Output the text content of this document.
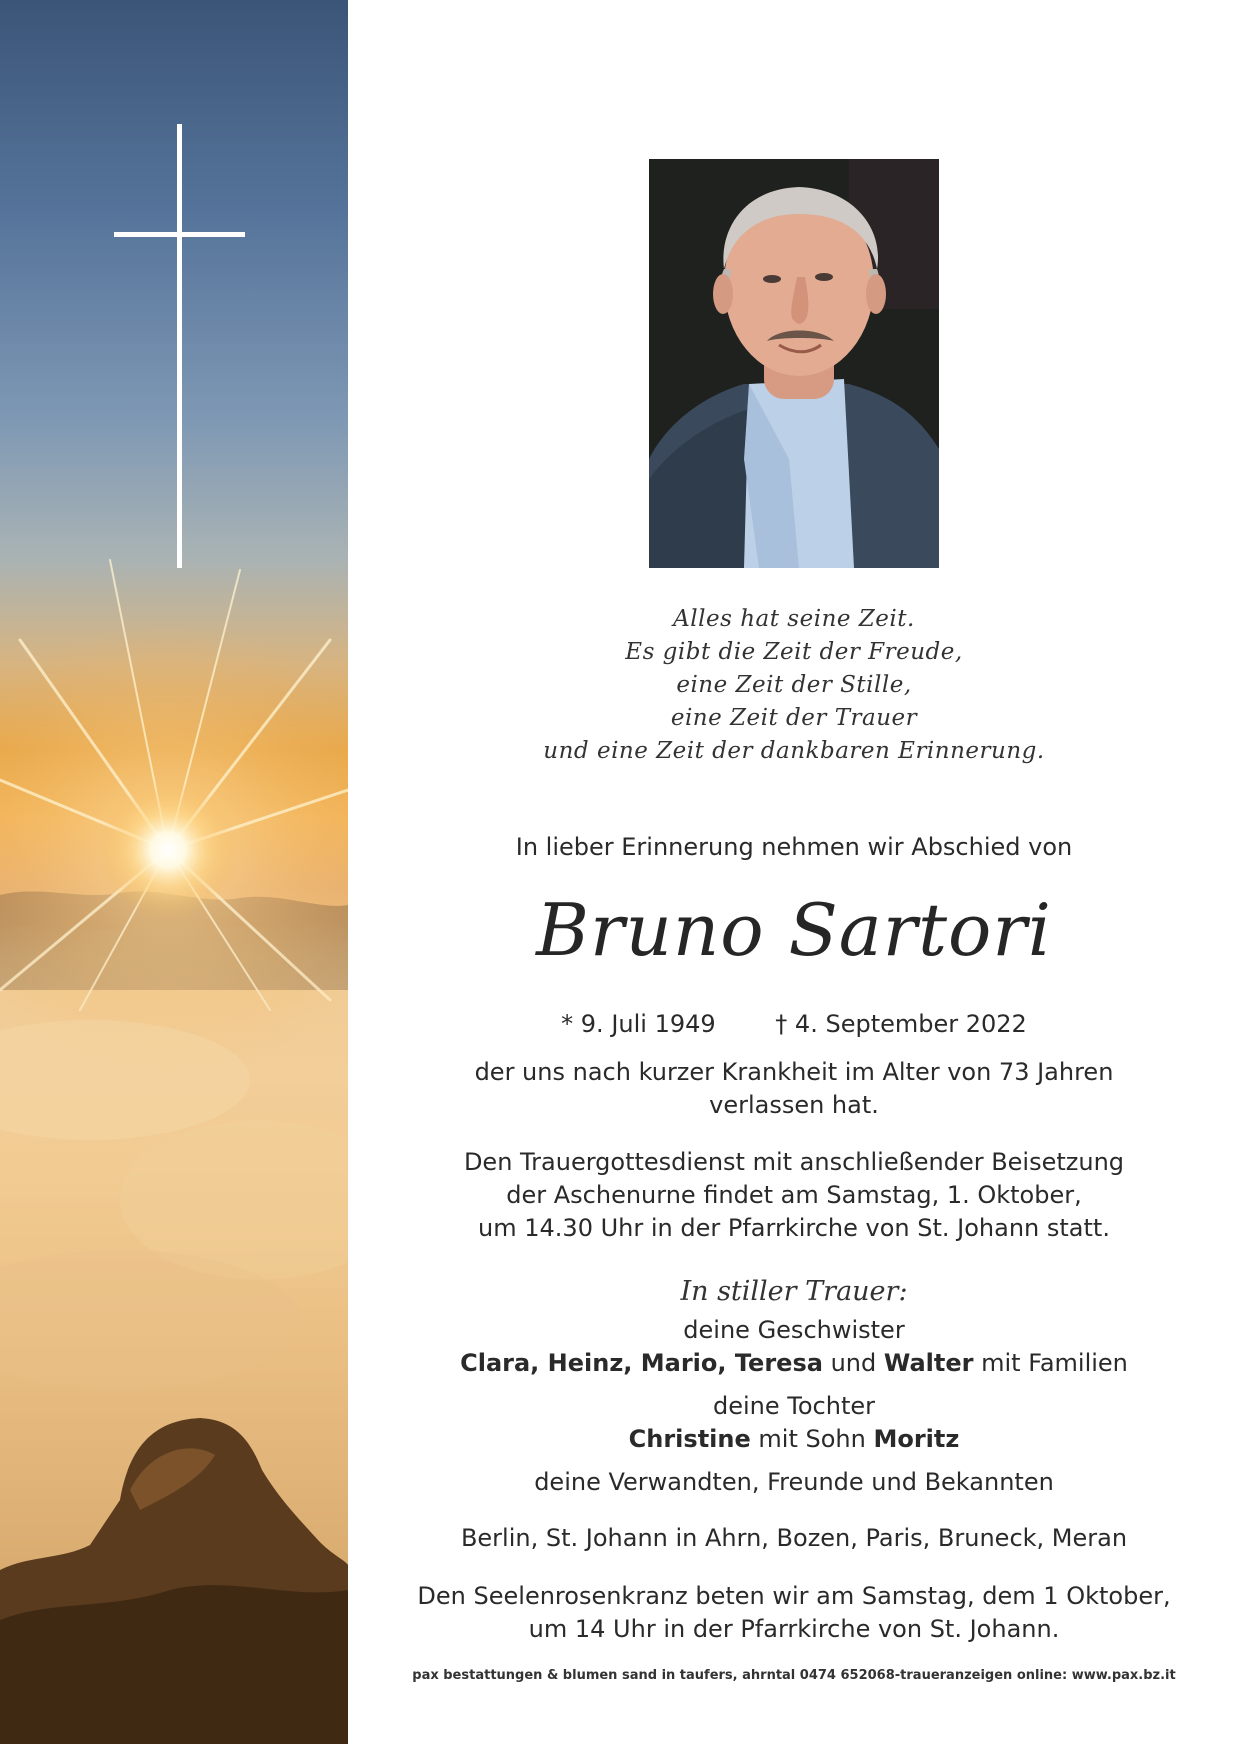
Alles hat seine Zeit.
Es gibt die Zeit der Freude,
eine Zeit der Stille,
eine Zeit der Trauer
und eine Zeit der dankbaren Erinnerung.
In lieber Erinnerung nehmen wir Abschied von
Bruno Sartori
* 9. Juli 1949 † 4. September 2022
der uns nach kurzer Krankheit im Alter von 73 Jahren
verlassen hat.
Den Trauergottesdienst mit anschließender Beisetzung
der Aschenurne findet am Samstag, 1. Oktober,
um 14.30 Uhr in der Pfarrkirche von St. Johann statt.
In stiller Trauer:
deine Geschwister
Clara, Heinz, Mario, Teresa und Walter mit Familien
deine Tochter
Christine mit Sohn Moritz
deine Verwandten, Freunde und Bekannten
Berlin, St. Johann in Ahrn, Bozen, Paris, Bruneck, Meran
Den Seelenrosenkranz beten wir am Samstag, dem 1 Oktober,
um 14 Uhr in der Pfarrkirche von St. Johann.
pax bestattungen & blumen sand in taufers, ahrntal 0474 652068-traueranzeigen online: www.pax.bz.it
